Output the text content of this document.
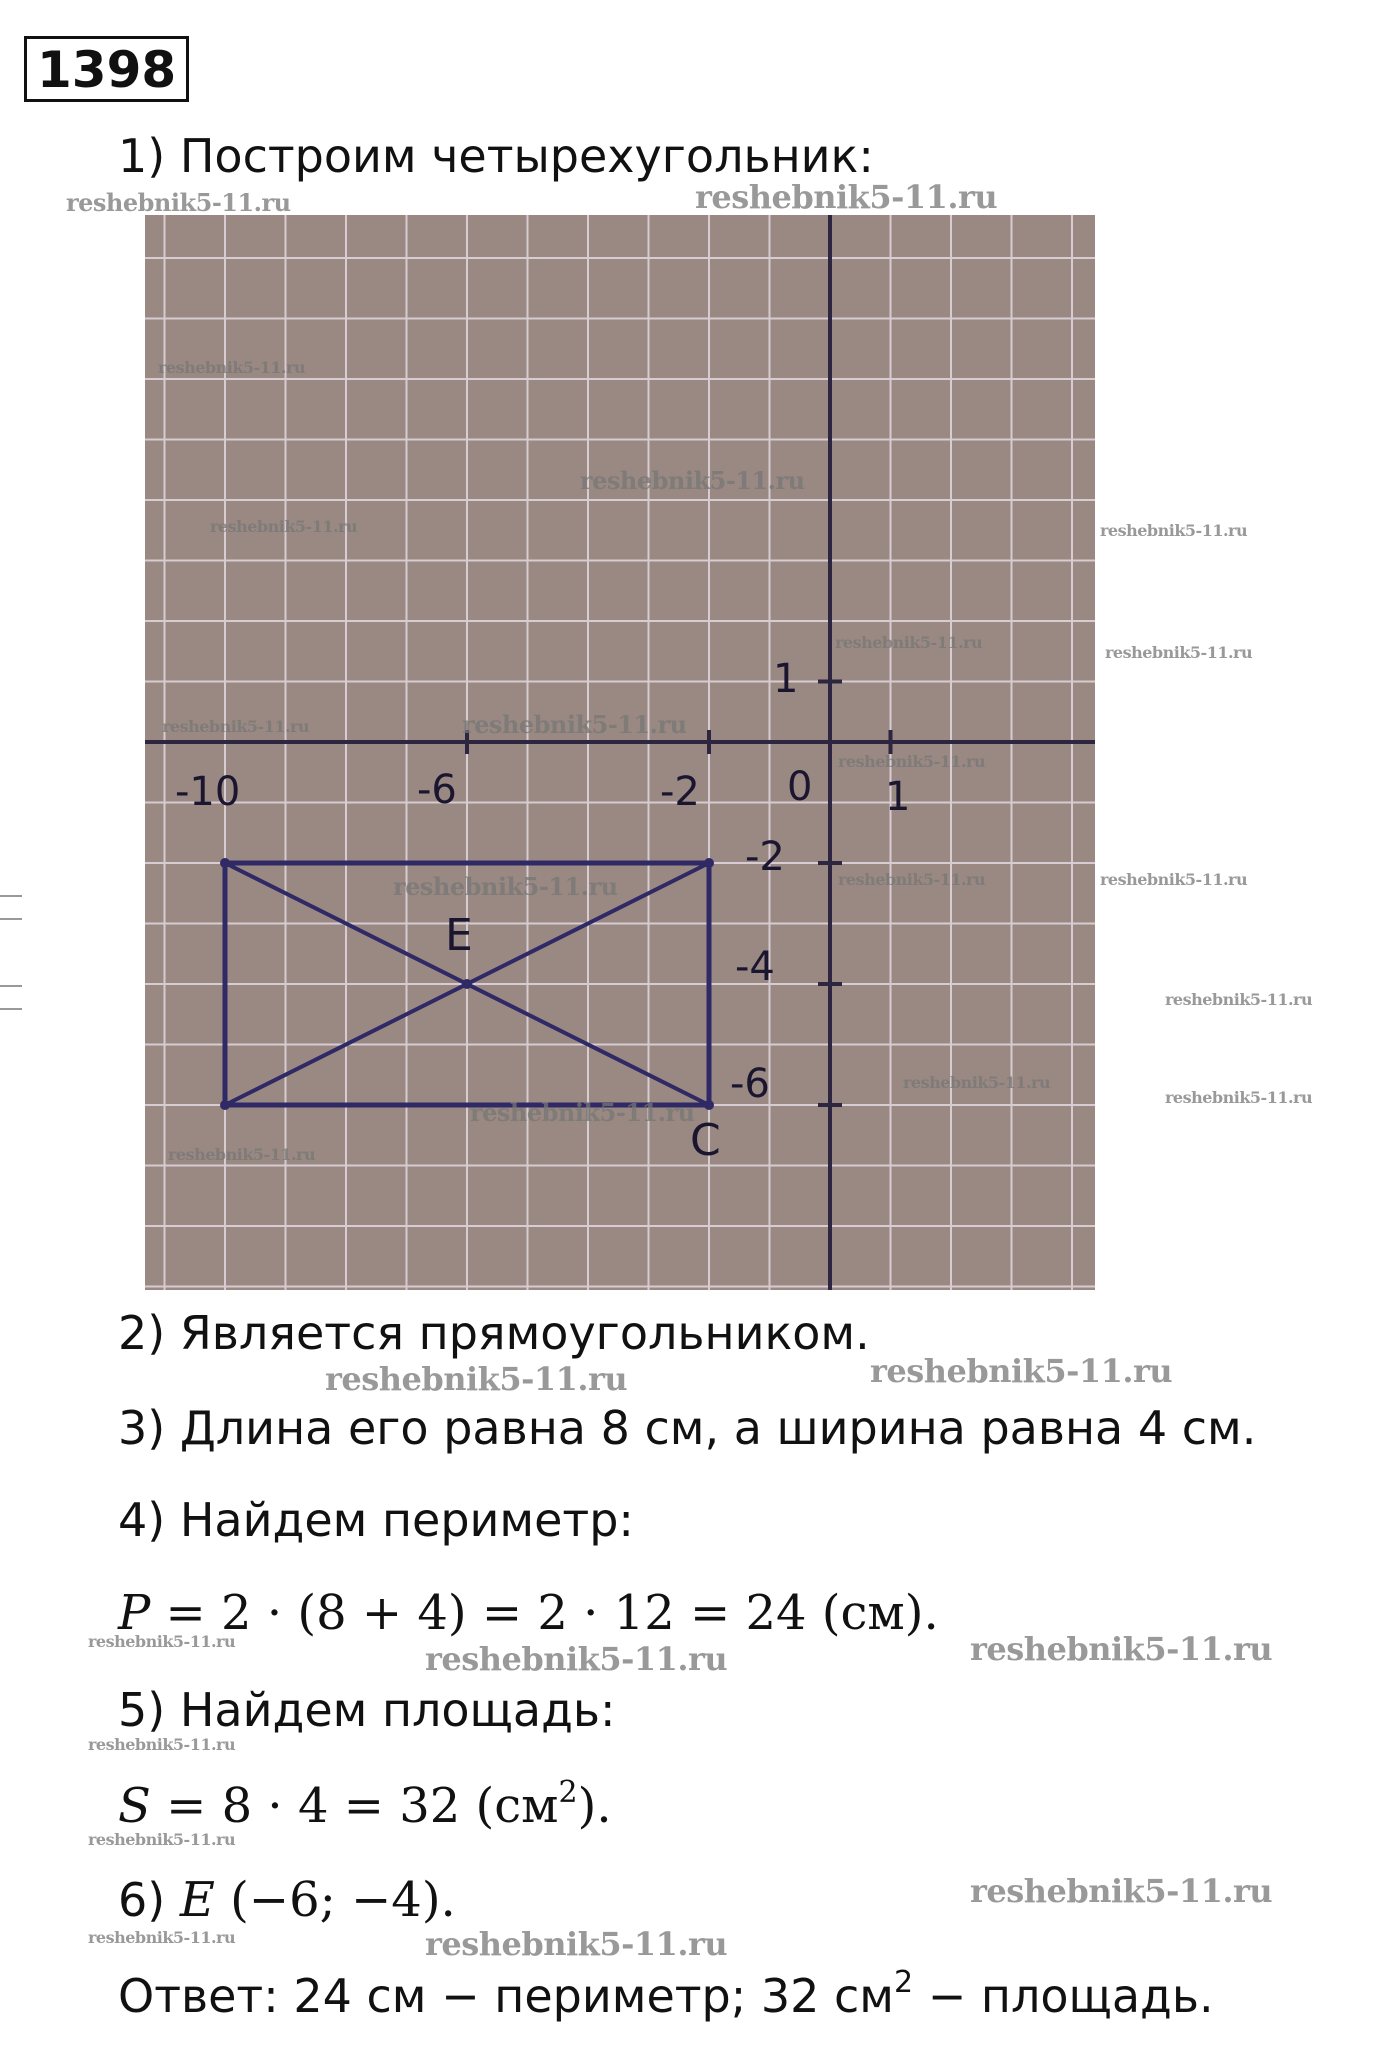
1398

1) Построим четырехугольник:

-10	-6	-2 0 1
1
-2
-4
-6
E
C

2) Является прямоугольником.

3) Длина его равна 8 см, а ширина равна 4 см.

4) Найдем периметр:

P = 2 · (8 + 4) = 2 · 12 = 24 (см).

5) Найдем площадь:

S = 8 · 4 = 32 $(см^2)$.

6) E (−6; −4).

Ответ: 24 см − периметр; 32 $см^2$ − площадь.

reshebnik5-11.ru	reshebnik5-11.ru
reshebnik5-11.ru
reshebnik5-11.ru
reshebnik5-11.ru	reshebnik5-11.ru
reshebnik5-11.ru
reshebnik5-11.ru
reshebnik5-11.ru	reshebnik5-11.ru
reshebnik5-11.ru
reshebnik5-11.ru
reshebnik5-11.ru	reshebnik5-11.ru
reshebnik5-11.ru
reshebnik5-11.ru
reshebnik5-11.ru
reshebnik5-11.ru
reshebnik5-11.ru
reshebnik5-11.ru	reshebnik5-11.ru
reshebnik5-11.ru	reshebnik5-11.ru	reshebnik5-11.ru
reshebnik5-11.ru
reshebnik5-11.ru
reshebnik5-11.ru
reshebnik5-11.ru	reshebnik5-11.ru
